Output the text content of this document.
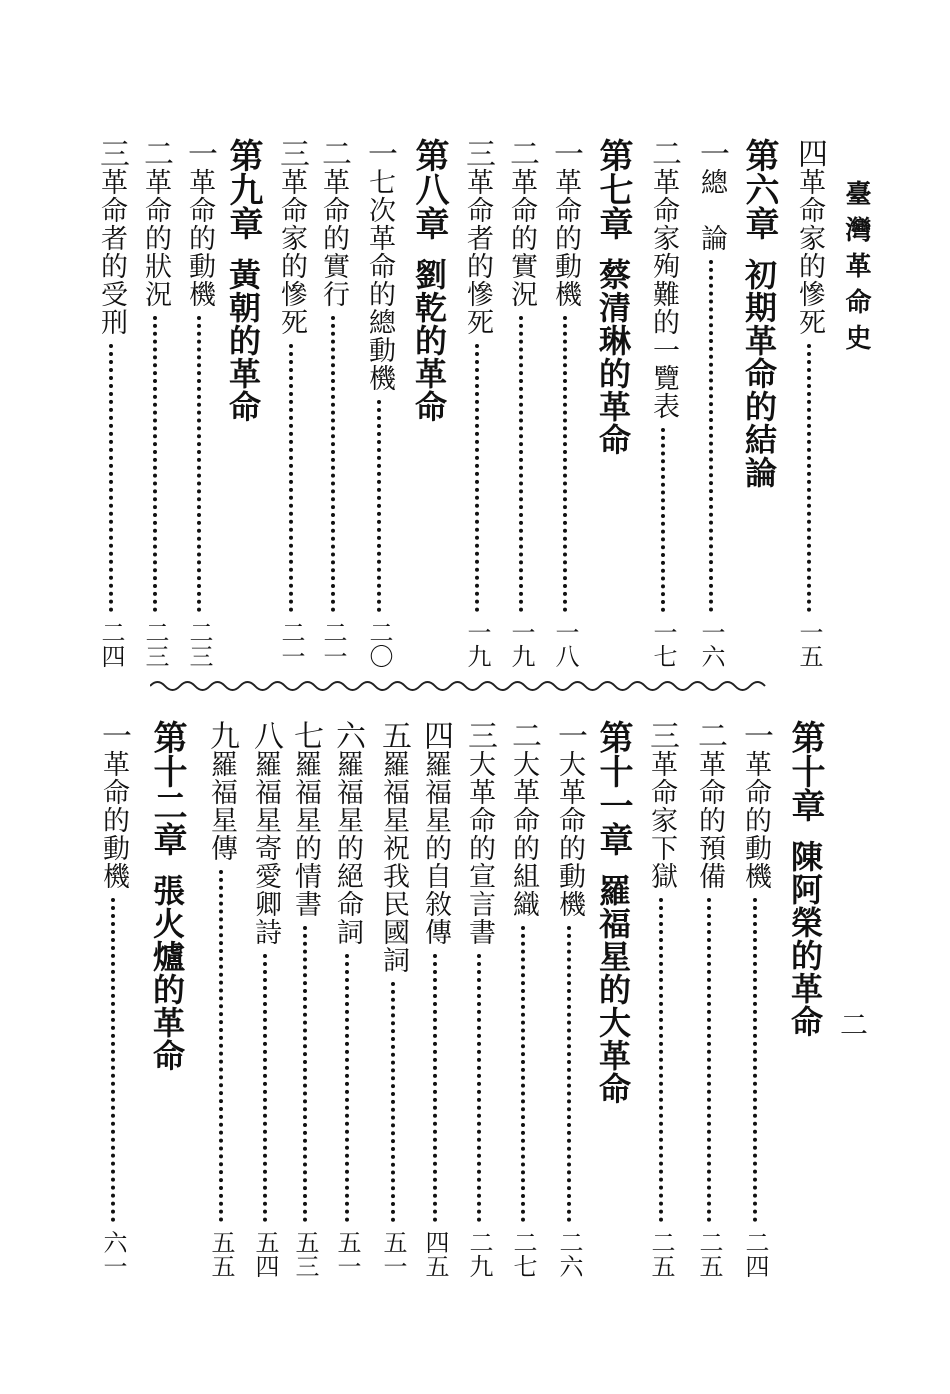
臺灣革命史
二
四
革命家的慘死
一五
第六章
初期革命的結論
一
總　論
一六
二
革命家殉難的一覽表
一七
第七章
蔡清琳的革命
一
革命的動機
一八
二
革命的實況
一九
三
革命者的慘死
一九
第八章
劉乾的革命
一
七次革命的總動機
二〇
二
革命的實行
二一
三
革命家的慘死
二一
第九章
黃朝的革命
一
革命的動機
二三
二
革命的狀況
二三
三
革命者的受刑
二四
第十章
陳阿榮的革命
一
革命的動機
二四
二
革命的預備
二五
三
革命家下獄
二五
第十一章
羅福星的大革命
一
大革命的動機
二六
二
大革命的組織
二七
三
大革命的宣言書
二九
四
羅福星的自敘傳
四五
五
羅福星祝我民國詞
五一
六
羅福星的絕命詞
五一
七
羅福星的情書
五三
八
羅福星寄愛卿詩
五四
九
羅福星傳
五五
第十二章
張火爐的革命
一
革命的動機
六一
